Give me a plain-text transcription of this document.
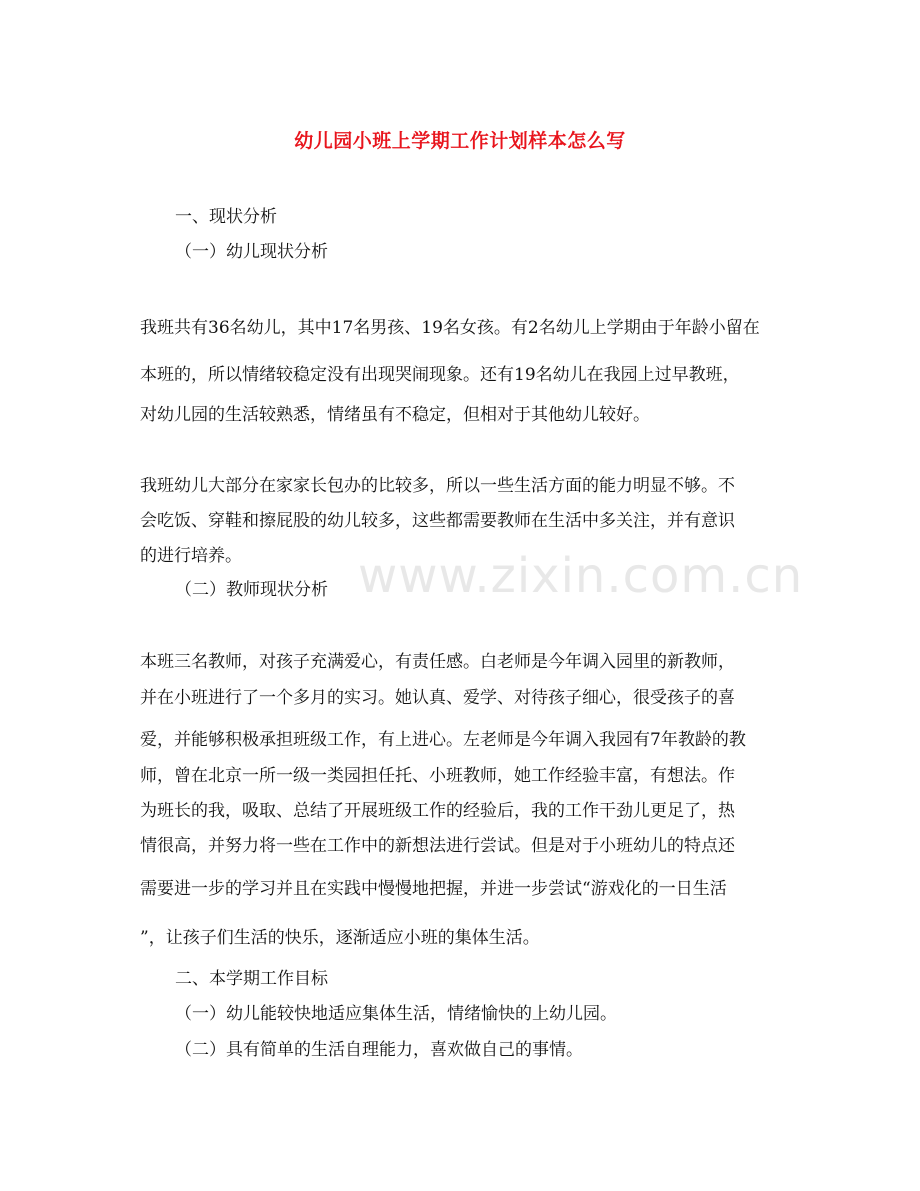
幼儿园小班上学期工作计划样本怎么写
www.zixin.com.cn
一、现状分析
（一）幼儿现状分析
我班共有36名幼儿，其中17名男孩、19名女孩。有2名幼儿上学期由于年龄小留在
本班的，所以情绪较稳定没有出现哭闹现象。还有19名幼儿在我园上过早教班，
对幼儿园的生活较熟悉，情绪虽有不稳定，但相对于其他幼儿较好。
我班幼儿大部分在家家长包办的比较多，所以一些生活方面的能力明显不够。不
会吃饭、穿鞋和擦屁股的幼儿较多，这些都需要教师在生活中多关注，并有意识
的进行培养。
（二）教师现状分析
本班三名教师，对孩子充满爱心，有责任感。白老师是今年调入园里的新教师，
并在小班进行了一个多月的实习。她认真、爱学、对待孩子细心，很受孩子的喜
爱，并能够积极承担班级工作，有上进心。左老师是今年调入我园有7年教龄的教
师，曾在北京一所一级一类园担任托、小班教师，她工作经验丰富，有想法。作
为班长的我，吸取、总结了开展班级工作的经验后，我的工作干劲儿更足了，热
情很高，并努力将一些在工作中的新想法进行尝试。但是对于小班幼儿的特点还
需要进一步的学习并且在实践中慢慢地把握，并进一步尝试“游戏化的一日生活
”，让孩子们生活的快乐，逐渐适应小班的集体生活。
二、本学期工作目标
（一）幼儿能较快地适应集体生活，情绪愉快的上幼儿园。
（二）具有简单的生活自理能力，喜欢做自己的事情。
